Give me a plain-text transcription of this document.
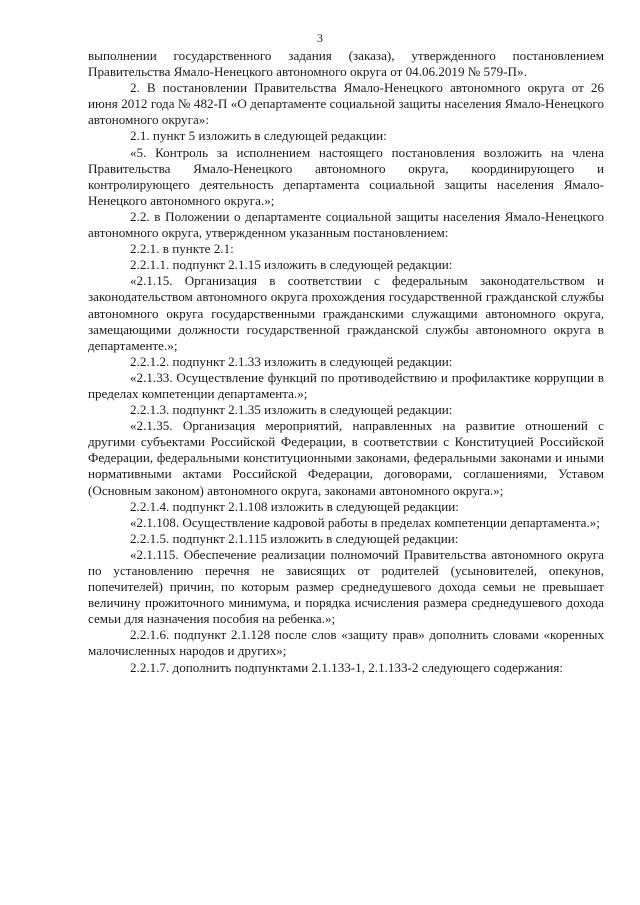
3

выполнении государственного задания (заказа), утвержденного постановлением Правительства Ямало-Ненецкого автономного округа от 04.06.2019 № 579-П».

2. В постановлении Правительства Ямало-Ненецкого автономного округа от 26 июня 2012 года № 482-П «О департаменте социальной защиты населения Ямало-Ненецкого автономного округа»:

2.1. пункт 5 изложить в следующей редакции:

«5. Контроль за исполнением настоящего постановления возложить на члена Правительства Ямало-Ненецкого автономного округа, координирующего и контролирующего деятельность департамента социальной защиты населения Ямало-Ненецкого автономного округа.»;

2.2. в Положении о департаменте социальной защиты населения Ямало-Ненецкого автономного округа, утвержденном указанным постановлением:

2.2.1. в пункте 2.1:

2.2.1.1. подпункт 2.1.15 изложить в следующей редакции:

«2.1.15. Организация в соответствии с федеральным законодательством и законодательством автономного округа прохождения государственной гражданской службы автономного округа государственными гражданскими служащими автономного округа, замещающими должности государственной гражданской службы автономного округа в департаменте.»;

2.2.1.2. подпункт 2.1.33 изложить в следующей редакции:

«2.1.33. Осуществление функций по противодействию и профилактике коррупции в пределах компетенции департамента.»;

2.2.1.3. подпункт 2.1.35 изложить в следующей редакции:

«2.1.35. Организация мероприятий, направленных на развитие отношений с другими субъектами Российской Федерации, в соответствии с Конституцией Российской Федерации, федеральными конституционными законами, федеральными законами и иными нормативными актами Российской Федерации, договорами, соглашениями, Уставом (Основным законом) автономного округа, законами автономного округа.»;

2.2.1.4. подпункт 2.1.108 изложить в следующей редакции:

«2.1.108. Осуществление кадровой работы в пределах компетенции департамента.»;

2.2.1.5. подпункт 2.1.115 изложить в следующей редакции:

«2.1.115. Обеспечение реализации полномочий Правительства автономного округа по установлению перечня не зависящих от родителей (усыновителей, опекунов, попечителей) причин, по которым размер среднедушевого дохода семьи не превышает величину прожиточного минимума, и порядка исчисления размера среднедушевого дохода семьи для назначения пособия на ребенка.»;

2.2.1.6. подпункт 2.1.128 после слов «защиту прав» дополнить словами «коренных малочисленных народов и других»;

2.2.1.7. дополнить подпунктами 2.1.133-1, 2.1.133-2 следующего содержания:
